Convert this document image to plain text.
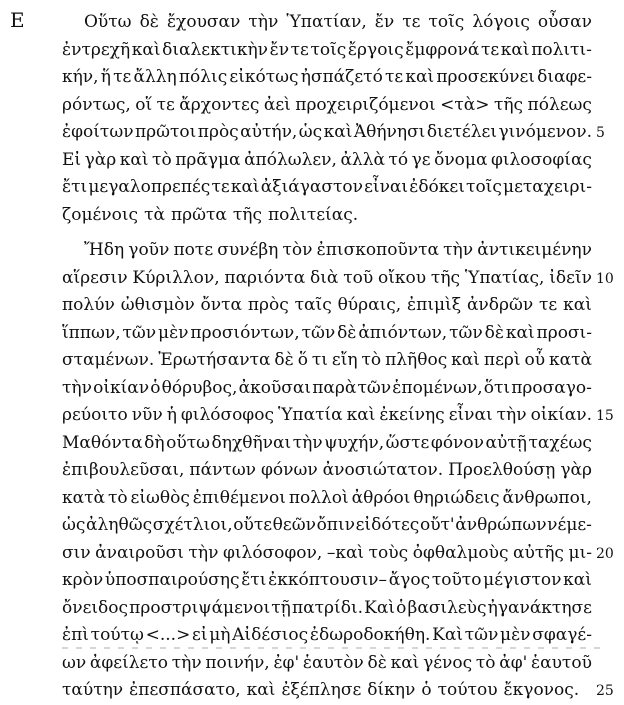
E	Οὕτω δὲ ἔχουσαν τὴν Ὑπατίαν, ἔν τε τοῖς λόγοις οὖσαν
ἐντρεχῆ καὶ διαλεκτικὴν ἔν τε τοῖς ἔργοις ἔμφρονά τε καὶ πολιτι-
κήν, ἥ τε ἄλλη πόλις εἰκότως ἠσπάζετό τε καὶ προσεκύνει διαφε-
ρόντως, οἵ τε ἄρχοντες ἀεὶ προχειριζόμενοι <τὰ> τῆς πόλεως
ἐφοίτων πρῶτοι πρὸς αὐτήν, ὡς καὶ Ἀθήνησι διετέλει γινόμενον.
Εἰ γὰρ καὶ τὸ πρᾶγμα ἀπόλωλεν, ἀλλὰ τό γε ὄνομα φιλοσοφίας
ἔτι μεγαλοπρεπές τε καὶ ἀξιάγαστον εἶναι ἐδόκει τοῖς μεταχειρι-
ζομένοις τὰ πρῶτα τῆς πολιτείας.
Ἤδη γοῦν ποτε συνέβη τὸν ἐπισκοποῦντα τὴν ἀντικειμένην
αἵρεσιν Κύριλλον, παριόντα διὰ τοῦ οἴκου τῆς Ὑπατίας, ἰδεῖν
πολύν ὠθισμὸν ὄντα πρὸς ταῖς θύραις, ἐπιμὶξ ἀνδρῶν τε καὶ
ἵππων, τῶν μὲν προσιόντων, τῶν δὲ ἀπιόντων, τῶν δὲ καὶ προσι-
σταμένων. Ἐρωτήσαντα δὲ ὅ τι εἴη τὸ πλῆθος καὶ περὶ οὗ κατὰ
τὴν οἰκίαν ὁ θόρυβος, ἀκοῦσαι παρὰ τῶν ἑπομένων, ὅτι προσαγο-
ρεύοιτο νῦν ἡ φιλόσοφος Ὑπατία καὶ ἐκείνης εἶναι τὴν οἰκίαν.
Μαθόντα δὴ οὕτω δηχθῆναι τὴν ψυχήν, ὥστε φόνον αὐτῇ ταχέως
ἐπιβουλεῦσαι, πάντων φόνων ἀνοσιώτατον. Προελθούσῃ γὰρ
κατὰ τὸ εἰωθὸς ἐπιθέμενοι πολλοὶ ἀθρόοι θηριώδεις ἄνθρωποι,
ὡς ἀληθῶς σχέτλιοι, οὔτε θεῶν ὄπιν εἰδότες οὔτ' ἀνθρώπων νέμε-
σιν ἀναιροῦσι τὴν φιλόσοφον, –καὶ τοὺς ὀφθαλμοὺς αὐτῆς μι-
κρὸν ὑποσπαιρούσης ἔτι ἐκκόπτουσιν– ἄγος τοῦτο μέγιστον καὶ
ὄνειδος προστριψάμενοι τῇ πατρίδι. Καὶ ὁ βασιλεὺς ἠγανάκτησε
ἐπὶ τούτῳ <...> εἰ μὴ Αἰδέσιος ἐδωροδοκήθη. Καὶ τῶν μὲν σφαγέ-
ων ἀφείλετο τὴν ποινήν, ἐφ' ἑαυτὸν δὲ καὶ γένος τὸ ἀφ' ἑαυτοῦ
ταύτην ἐπεσπάσατο, καὶ ἐξέπλησε δίκην ὁ τούτου ἔκγονος.
5
10
15
20
25
